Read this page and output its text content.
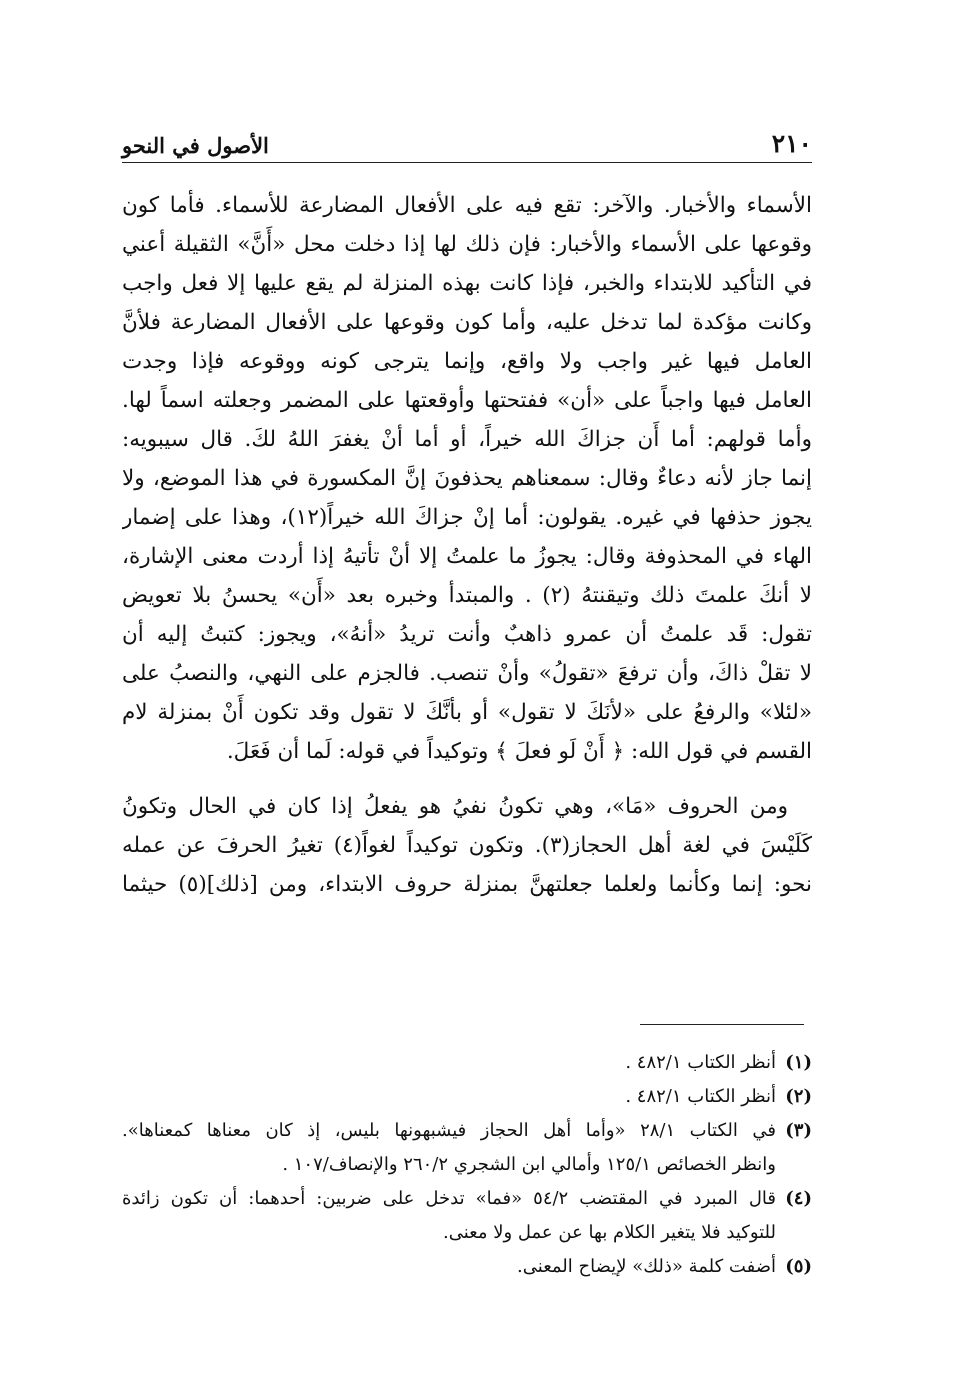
٢١٠
الأصول في النحو
الأسماء والأخبار. والآخر: تقع فيه على الأفعال المضارعة للأسماء. فأما كون
وقوعها على الأسماء والأخبار: فإن ذلك لها إذا دخلت محل «أَنَّ» الثقيلة أعني
في التأكيد للابتداء والخبر، فإذا كانت بهذه المنزلة لم يقع عليها إلا فعل واجب
وكانت مؤكدة لما تدخل عليه، وأما كون وقوعها على الأفعال المضارعة فلأنَّ
العامل فيها غير واجب ولا واقع، وإنما يترجى كونه ووقوعه فإذا وجدت
العامل فيها واجباً على «أن» ففتحتها وأوقعتها على المضمر وجعلته اسماً لها.
وأما قولهم: أما أَن جزاكَ الله خيراً، أو أما أنْ يغفرَ اللهُ لكَ. قال سيبويه:
إنما جاز لأنه دعاءٌ وقال: سمعناهم يحذفونَ إنَّ المكسورة في هذا الموضع، ولا
يجوز حذفها في غيره. يقولون: أما إنْ جزاكَ الله خيراً(١٢)، وهذا على إضمار
الهاء في المحذوفة وقال: يجوزُ ما علمتُ إلا أنْ تأتيهُ إذا أردت معنى الإشارة،
لا أنكَ علمتَ ذلك وتيقنتهُ (٢) . والمبتدأ وخبره بعد «أَن» يحسنُ بلا تعويض
تقول: قَد علمتُ أن عمرو ذاهبٌ وأنت تريدُ «أنهُ»، ويجوز: كتبتُ إليه أن
لا تقلْ ذاكَ، وأن ترفعَ «تقولُ» وأنْ تنصب. فالجزم على النهي، والنصبُ على
«لئلا» والرفعُ على «لأنَكَ لا تقول» أو بأنَّكَ لا تقول وقد تكون أَنْ بمنزلة لام
القسم في قول الله: ﴿ أَنْ لَو فعلَ ﴾ وتوكيداً في قوله: لَما أن فَعَلَ.
ومن الحروف «مَا»، وهي تكونُ نفيُ هو يفعلُ إذا كان في الحال وتكونُ
كَلَيْسَ في لغة أهل الحجاز(٣). وتكون توكيداً لغواً(٤) تغيرُ الحرفَ عن عمله
نحو: إنما وكأنما ولعلما جعلتهنَّ بمنزلة حروف الابتداء، ومن [ذلك](٥) حيثما
(١)
أنظر الكتاب ٤٨٢/١ .
(٢)
أنظر الكتاب ٤٨٢/١ .
(٣)
في الكتاب ٢٨/١ «وأما أهل الحجاز فيشبهونها بليس، إذ كان معناها كمعناها».
وانظر الخصائص ١٢٥/١ وأمالي ابن الشجري ٢٦٠/٢ والإنصاف/١٠٧ .
(٤)
قال المبرد في المقتضب ٥٤/٢ «فما» تدخل على ضربين: أحدهما: أن تكون زائدة
للتوكيد فلا يتغير الكلام بها عن عمل ولا معنى.
(٥)
أضفت كلمة «ذلك» لإيضاح المعنى.
